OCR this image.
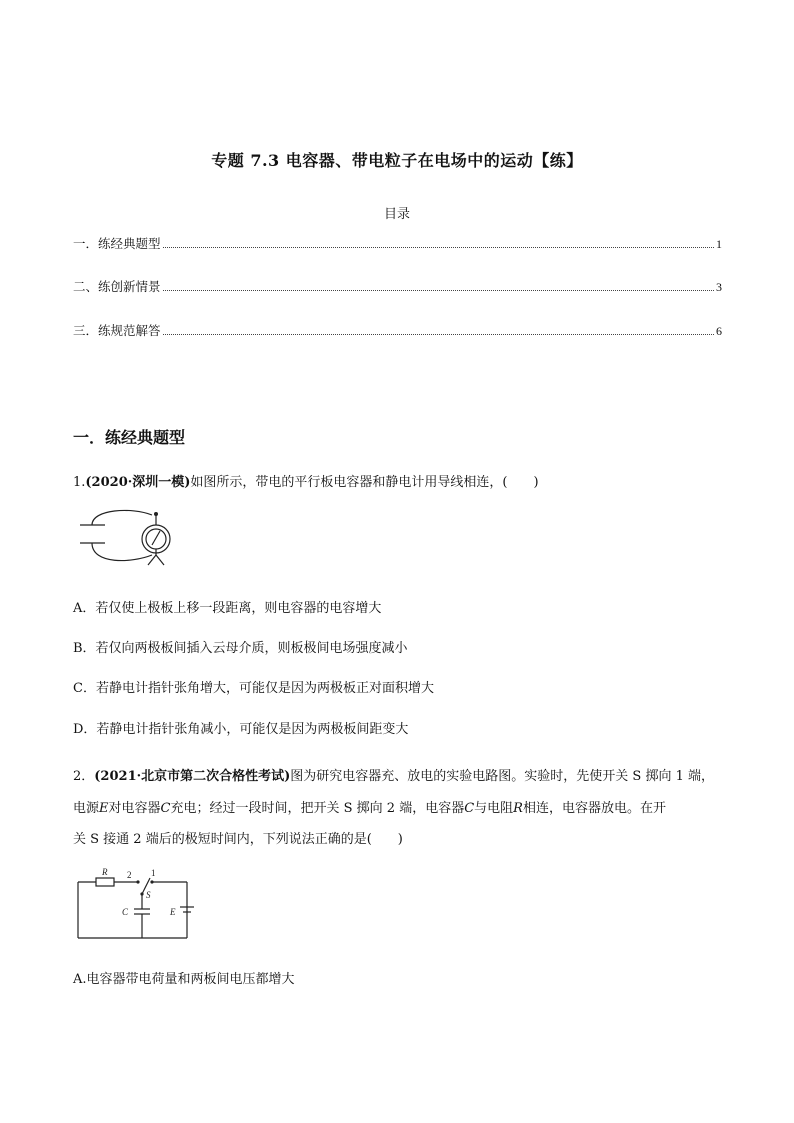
专题 7.3 电容器、带电粒子在电场中的运动【练】
目录
一．练经典题型	1
二、练创新情景	3
三．练规范解答	6
一．练经典题型
1.(2020·深圳一模)如图所示，带电的平行板电容器和静电计用导线相连，(　　)
A．若仅使上极板上移一段距离，则电容器的电容增大
B．若仅向两极板间插入云母介质，则板极间电场强度减小
C．若静电计指针张角增大，可能仅是因为两极板正对面积增大
D．若静电计指针张角减小，可能仅是因为两极板间距变大
2．(2021·北京市第二次合格性考试)图为研究电容器充、放电的实验电路图。实验时，先使开关 S 掷向 1 端，
电源E对电容器C充电；经过一段时间，把开关 S 掷向 2 端，电容器C与电阻R相连，电容器放电。在开
关 S 接通 2 端后的极短时间内，下列说法正确的是(　　)
R 2 1
S
C	E
A.电容器带电荷量和两板间电压都增大
